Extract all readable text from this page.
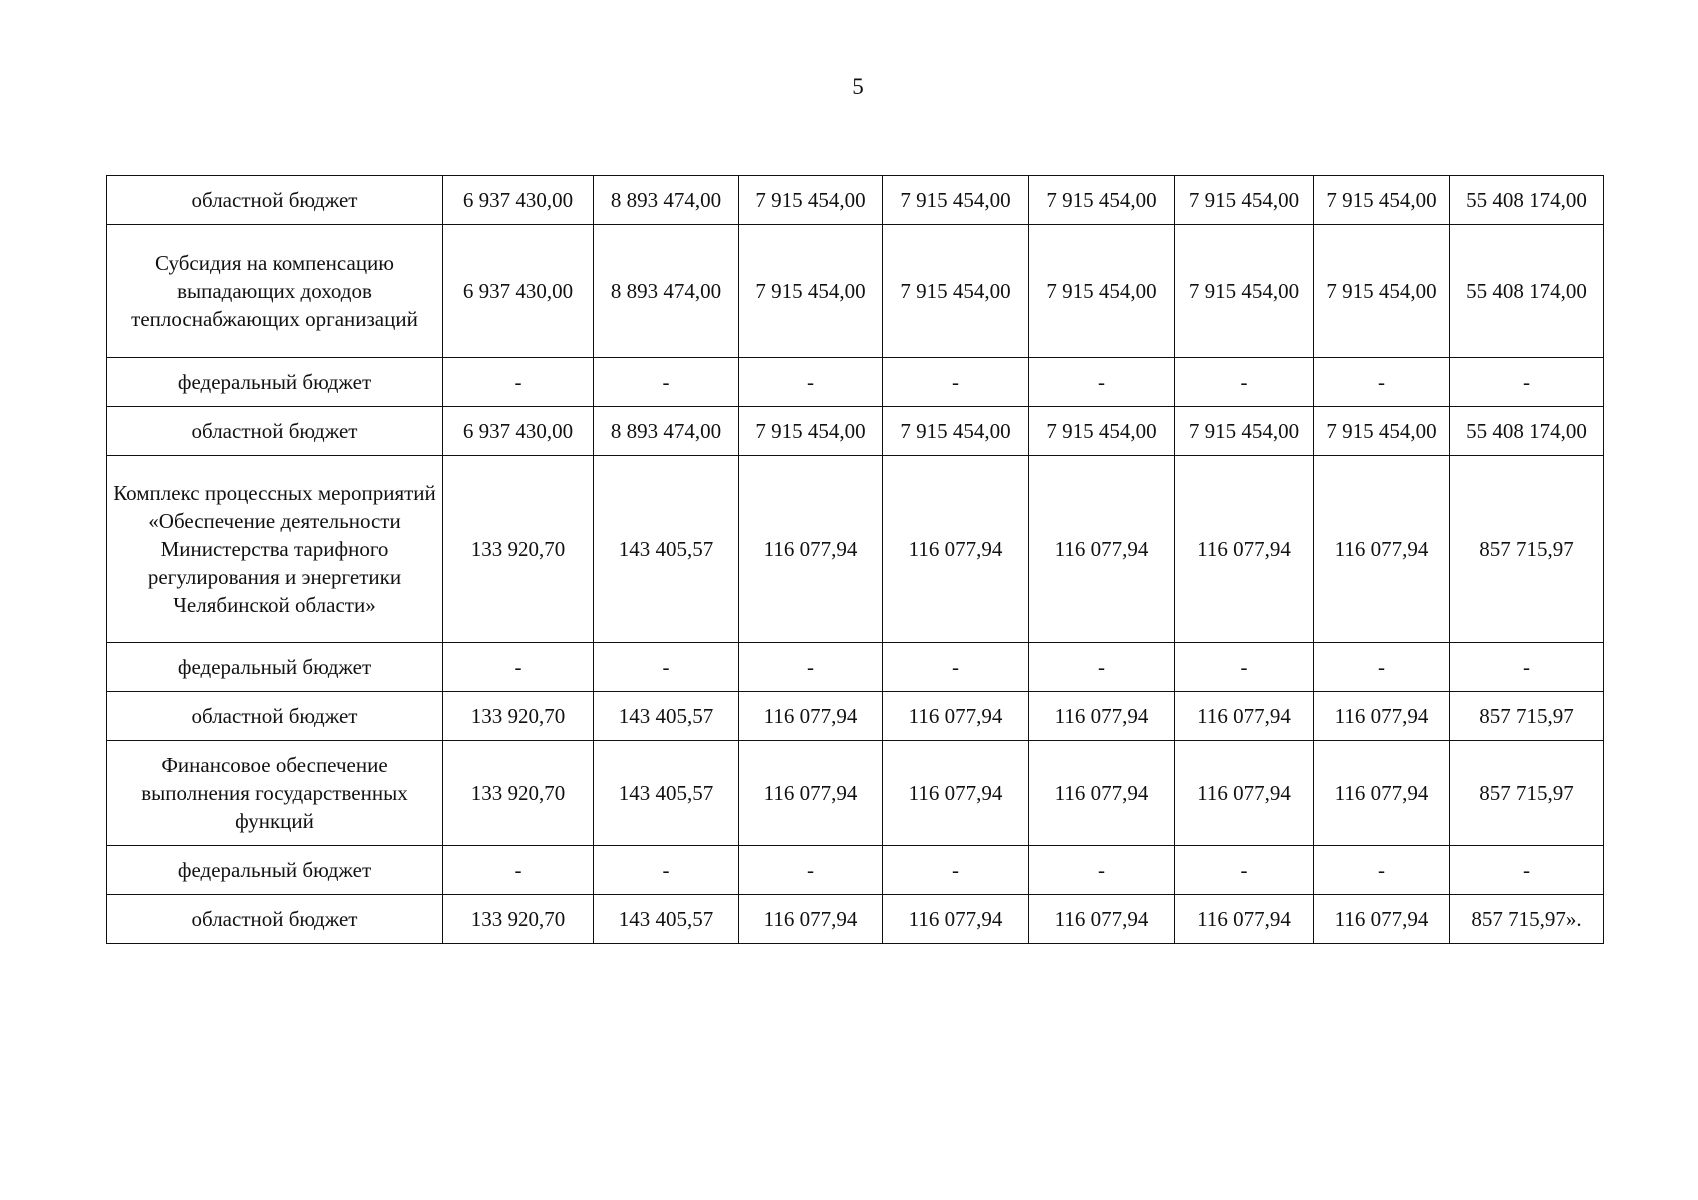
5
областной бюджет	6 937 430,00	8 893 474,00	7 915 454,00	7 915 454,00	7 915 454,00	7 915 454,00	7 915 454,00	55 408 174,00
Субсидия на компенсацию выпадающих доходов теплоснабжающих организаций	6 937 430,00	8 893 474,00	7 915 454,00	7 915 454,00	7 915 454,00	7 915 454,00	7 915 454,00	55 408 174,00
федеральный бюджет	-	-	-	-	-	-	-	-
областной бюджет	6 937 430,00	8 893 474,00	7 915 454,00	7 915 454,00	7 915 454,00	7 915 454,00	7 915 454,00	55 408 174,00
Комплекс процессных мероприятий «Обеспечение деятельности Министерства тарифного регулирования и энергетики Челябинской области»	133 920,70	143 405,57	116 077,94	116 077,94	116 077,94	116 077,94	116 077,94	857 715,97
федеральный бюджет	-	-	-	-	-	-	-	-
областной бюджет	133 920,70	143 405,57	116 077,94	116 077,94	116 077,94	116 077,94	116 077,94	857 715,97
Финансовое обеспечение выполнения государственных функций	133 920,70	143 405,57	116 077,94	116 077,94	116 077,94	116 077,94	116 077,94	857 715,97
федеральный бюджет	-	-	-	-	-	-	-	-
областной бюджет	133 920,70	143 405,57	116 077,94	116 077,94	116 077,94	116 077,94	116 077,94	857 715,97».
